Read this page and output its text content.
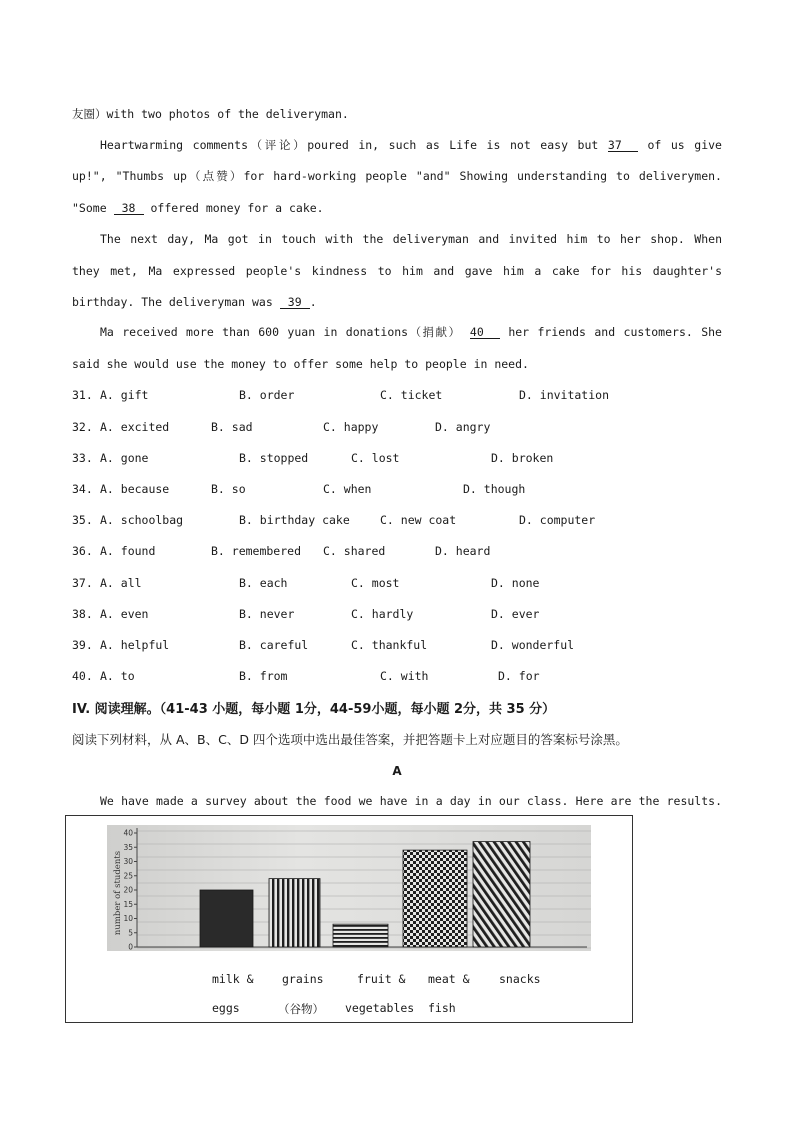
友圈）with two photos of the deliveryman.
Heartwarming comments（评论）poured in, such as Life is not easy but 37 of us give
up!", "Thumbs up（点赞）for hard-working people "and" Showing understanding to deliverymen.
"Some 38 offered money for a cake.
The next day, Ma got in touch with the deliveryman and invited him to her shop. When
they met, Ma expressed people's kindness to him and gave him a cake for his daughter's
birthday. The deliveryman was 39 .
Ma received more than 600 yuan in donations（捐献） 40 her friends and customers. She
said she would use the money to offer some help to people in need.
31. A. gift	B. order	C. ticket	D. invitation
32. A. excited	B. sad	C. happy	D. angry
33. A. gone	B. stopped	C. lost	D. broken
34. A. because	B. so	C. when	D. though
35. A. schoolbag	B. birthday cake	C. new coat	D. computer
36. A. found	B. remembered C. shared	D. heard
37. A. all	B. each	C. most	D. none
38. A. even	B. never	C. hardly	D. ever
39. A. helpful	B. careful	C. thankful	D. wonderful
40. A. to	B. from	C. with	D. for
IV. 阅读理解。（41-43 小题，每小题 1分，44-59小题，每小题 2分，共 35 分）
阅读下列材料，从 A、B、C、D 四个选项中选出最佳答案，并把答题卡上对应题目的答案标号涂黑。
A
We have made a survey about the food we have in a day in our class. Here are the results.
number of students
0
5
10
15
20
25
30
35
40
milk & grains	fruit & meat &	snacks
eggs	（谷物） vegetables fish
